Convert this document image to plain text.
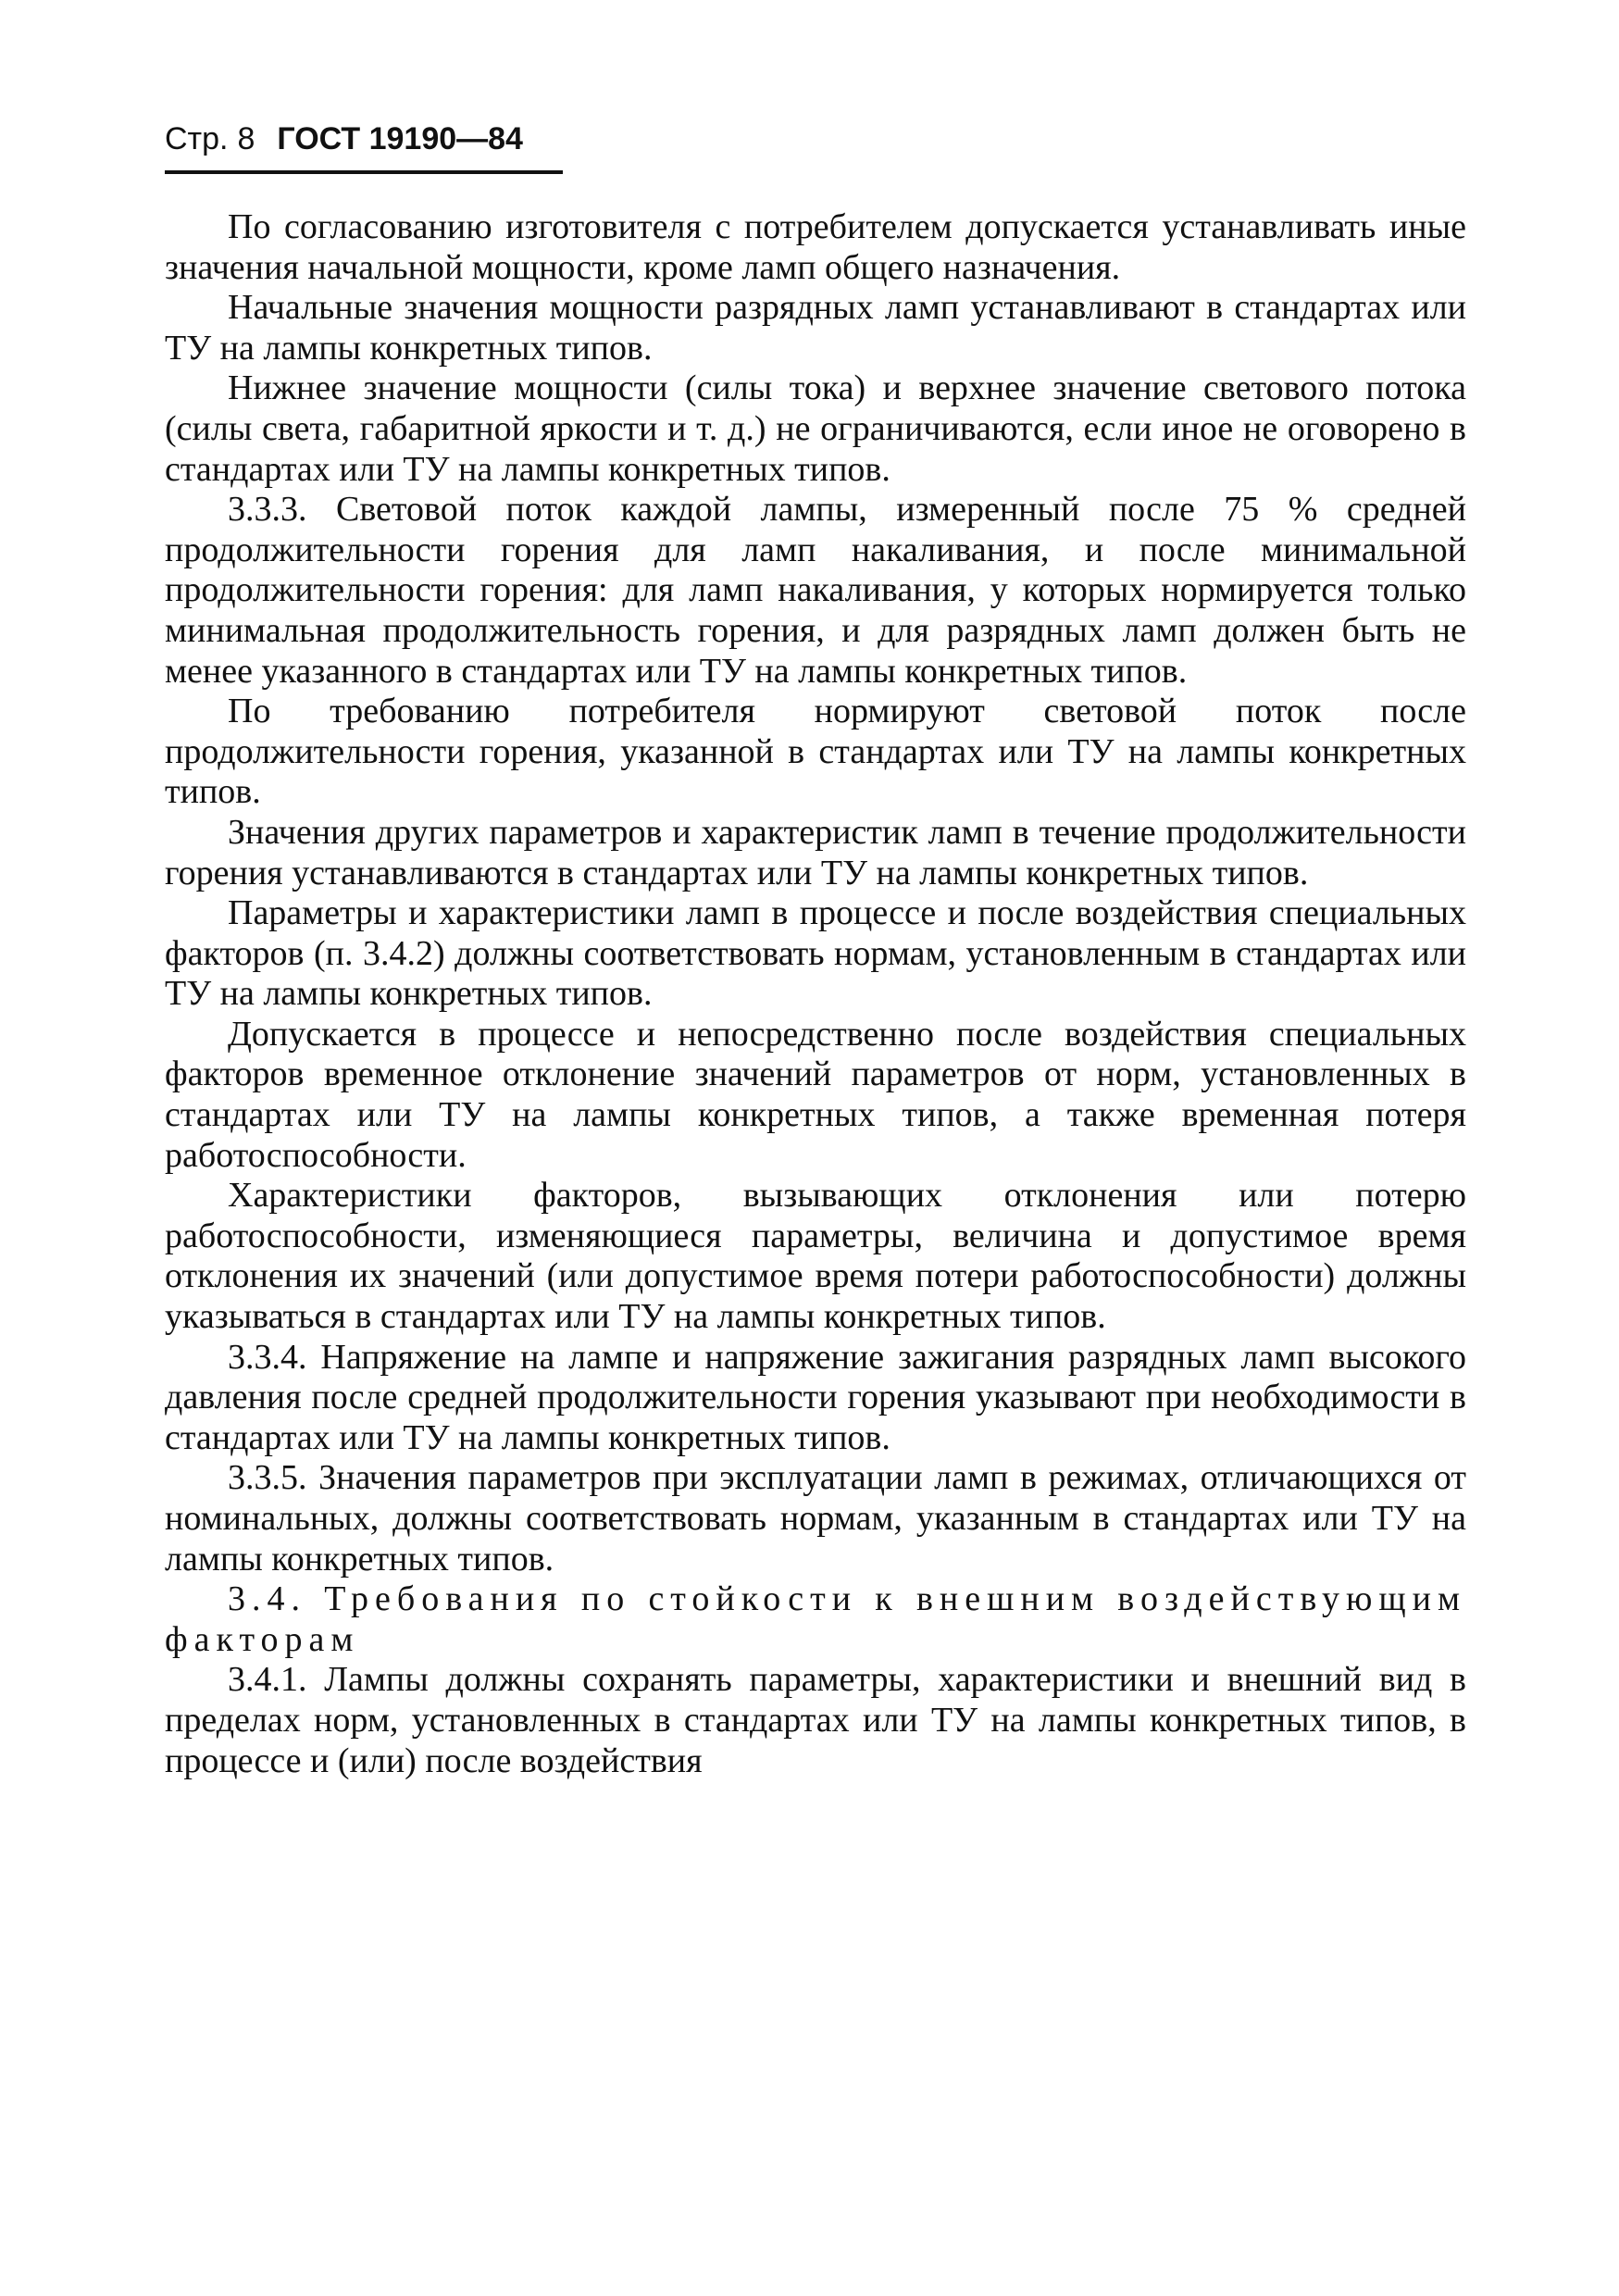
Стр. 8 ГОСТ 19190—84

По согласованию изготовителя с потребителем допускается устанавливать иные значения начальной мощности, кроме ламп общего назначения.

Начальные значения мощности разрядных ламп устанавливают в стандартах или ТУ на лампы конкретных типов.

Нижнее значение мощности (силы тока) и верхнее значение светового потока (силы света, габаритной яркости и т. д.) не ограничиваются, если иное не оговорено в стандартах или ТУ на лампы конкретных типов.

3.3.3. Световой поток каждой лампы, измеренный после 75 % средней продолжительности горения для ламп накаливания, и после минимальной продолжительности горения: для ламп накаливания, у которых нормируется только минимальная продолжительность горения, и для разрядных ламп должен быть не менее указанного в стандартах или ТУ на лампы конкретных типов.

По требованию потребителя нормируют световой поток после продолжительности горения, указанной в стандартах или ТУ на лампы конкретных типов.

Значения других параметров и характеристик ламп в течение продолжительности горения устанавливаются в стандартах или ТУ на лампы конкретных типов.

Параметры и характеристики ламп в процессе и после воздействия специальных факторов (п. 3.4.2) должны соответствовать нормам, установленным в стандартах или ТУ на лампы конкретных типов.

Допускается в процессе и непосредственно после воздействия специальных факторов временное отклонение значений параметров от норм, установленных в стандартах или ТУ на лампы конкретных типов, а также временная потеря работоспособности.

Характеристики факторов, вызывающих отклонения или потерю работоспособности, изменяющиеся параметры, величина и допустимое время отклонения их значений (или допустимое время потери работоспособности) должны указываться в стандартах или ТУ на лампы конкретных типов.

3.3.4. Напряжение на лампе и напряжение зажигания разрядных ламп высокого давления после средней продолжительности горения указывают при необходимости в стандартах или ТУ на лампы конкретных типов.

3.3.5. Значения параметров при эксплуатации ламп в режимах, отличающихся от номинальных, должны соответствовать нормам, указанным в стандартах или ТУ на лампы конкретных типов.

3.4. Требования по стойкости к внешним воздействующим факторам

3.4.1. Лампы должны сохранять параметры, характеристики и внешний вид в пределах норм, установленных в стандартах или ТУ на лампы конкретных типов, в процессе и (или) после воздействия
